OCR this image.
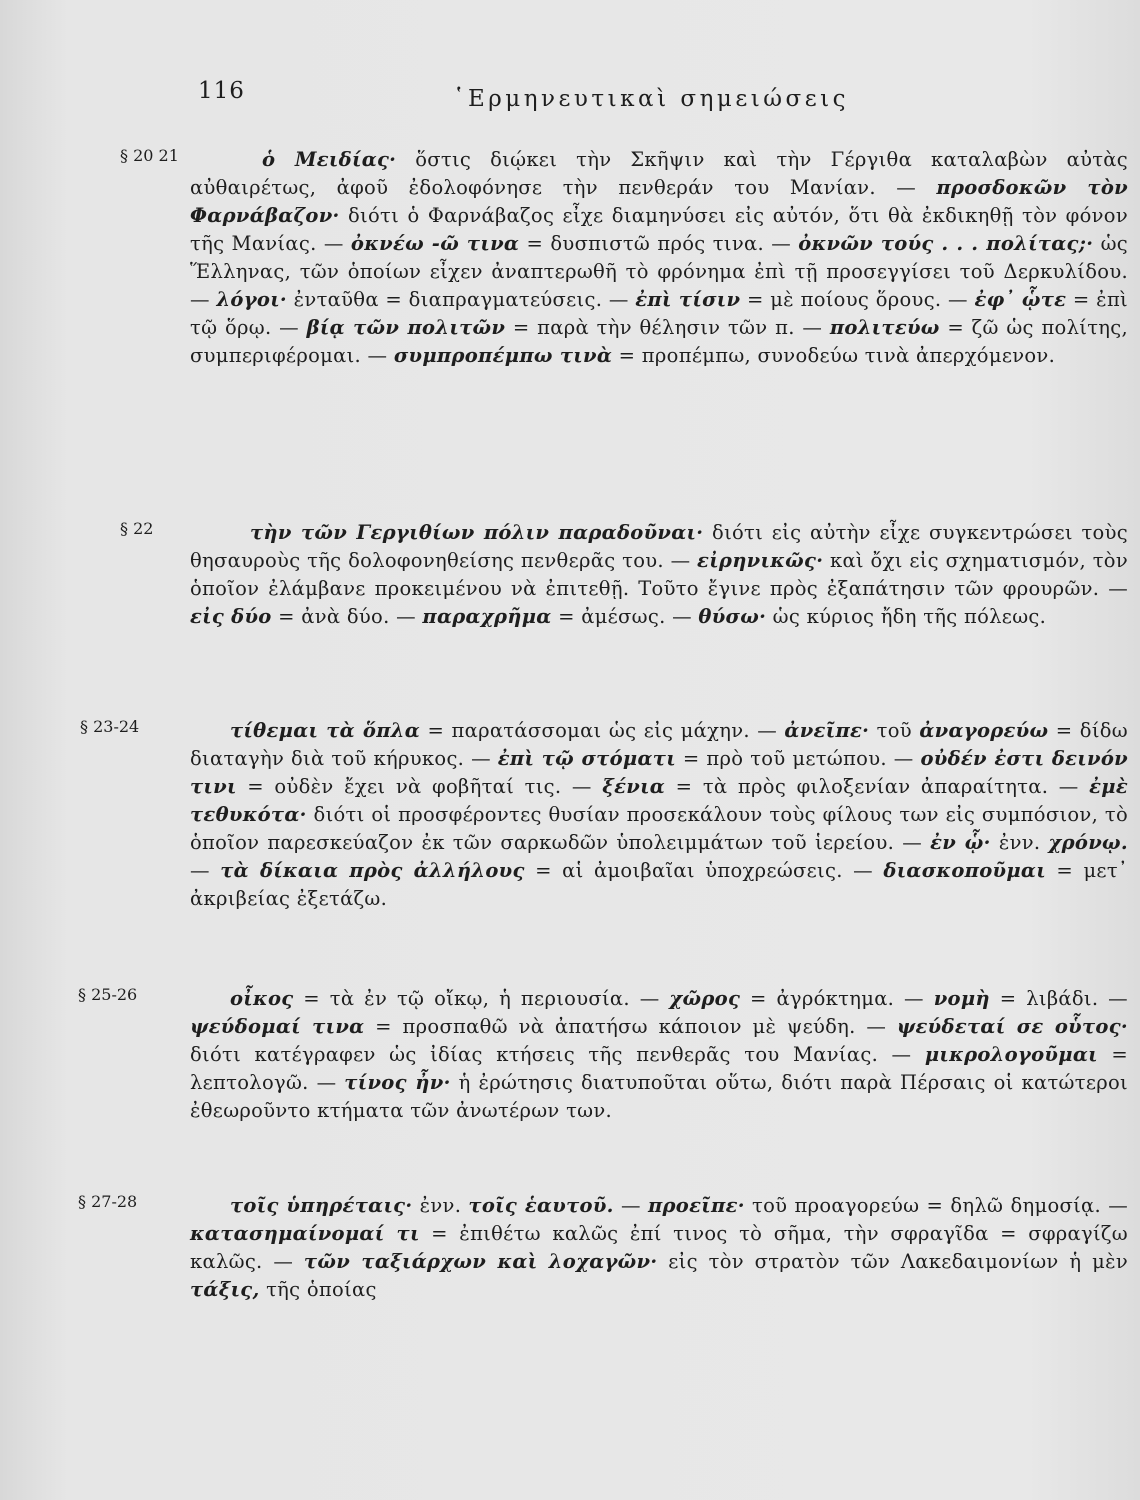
116	῾Ερμηνευτικαὶ σημειώσεις
§ 20 21	ὁ Μειδίας· ὅστις διῴκει τὴν Σκῆψιν καὶ τὴν Γέργιθα καταλαβὼν αὐτὰς αὐθαιρέτως, ἀφοῦ ἐδολοφόνησε τὴν πενθεράν του Μανίαν. — προσδοκῶν τὸν Φαρνάβαζον· διότι ὁ Φαρνάβαζος εἶχε διαμηνύσει εἰς αὐτόν, ὅτι θὰ ἐκδικηθῇ τὸν φόνον τῆς Μανίας. — ὀκνέω -ῶ τινα = δυσπιστῶ πρός τινα. — ὀκνῶν τούς . . . πολίτας;· ὡς Ἕλληνας, τῶν ὁποίων εἶχεν ἀναπτερωθῆ τὸ φρόνημα ἐπὶ τῇ προσεγγίσει τοῦ Δερκυλίδου. — λόγοι· ἐνταῦθα = διαπραγματεύσεις. — ἐπὶ τίσιν = μὲ ποίους ὅρους. — ἐφ᾿ ᾧτε = ἐπὶ τῷ ὅρῳ. — βίᾳ τῶν πολιτῶν = παρὰ τὴν θέλησιν τῶν π. — πολιτεύω = ζῶ ὡς πολίτης, συμπεριφέρομαι. — συμπροπέμπω τινὰ = προπέμπω, συνοδεύω τινὰ ἀπερχόμενον.
§ 22	τὴν τῶν Γεργιθίων πόλιν παραδοῦναι· διότι εἰς αὐτὴν εἶχε συγκεντρώσει τοὺς θησαυροὺς τῆς δολοφονηθείσης πενθερᾶς του. — εἰρηνικῶς· καὶ ὄχι εἰς σχηματισμόν, τὸν ὁποῖον ἐλάμβανε προκειμένου νὰ ἐπιτεθῇ. Τοῦτο ἔγινε πρὸς ἐξαπάτησιν τῶν φρουρῶν. — εἰς δύο = ἀνὰ δύο. — παραχρῆμα = ἀμέσως. — θύσω· ὡς κύριος ἤδη τῆς πόλεως.
§ 23-24	τίθεμαι τὰ ὅπλα = παρατάσσομαι ὡς εἰς μάχην. — ἀνεῖπε· τοῦ ἀναγορεύω = δίδω διαταγὴν διὰ τοῦ κήρυκος. — ἐπὶ τῷ στόματι = πρὸ τοῦ μετώπου. — οὐδέν ἐστι δεινόν τινι = οὐδὲν ἔχει νὰ φοβῆταί τις. — ξένια = τὰ πρὸς φιλοξενίαν ἀπαραίτητα. — ἐμὲ τεθυκότα· διότι οἱ προσφέροντες θυσίαν προσεκάλουν τοὺς φίλους των εἰς συμπόσιον, τὸ ὁποῖον παρεσκεύαζον ἐκ τῶν σαρκωδῶν ὑπολειμμάτων τοῦ ἱερείου. — ἐν ᾧ· ἐνν. χρόνῳ. — τὰ δίκαια πρὸς ἀλλήλους = αἱ ἀμοιβαῖαι ὑποχρεώσεις. — διασκοποῦμαι = μετ᾿ ἀκριβείας ἐξετάζω.
§ 25-26	οἶκος = τὰ ἐν τῷ οἴκῳ, ἡ περιουσία. — χῶρος = ἀγρόκτημα. — νομὴ = λιβάδι. — ψεύδομαί τινα = προσπαθῶ νὰ ἀπατήσω κάποιον μὲ ψεύδη. — ψεύδεταί σε οὗτος· διότι κατέγραφεν ὡς ἰδίας κτήσεις τῆς πενθερᾶς του Μανίας. — μικρολογοῦμαι = λεπτολογῶ. — τίνος ἦν· ἡ ἐρώτησις διατυποῦται οὕτω, διότι παρὰ Πέρσαις οἱ κατώτεροι ἐθεωροῦντο κτήματα τῶν ἀνωτέρων των.
§ 27-28	τοῖς ὑπηρέταις· ἐνν. τοῖς ἑαυτοῦ. — προεῖπε· τοῦ προαγορεύω = δηλῶ δημοσίᾳ. — κατασημαίνομαί τι = ἐπιθέτω καλῶς ἐπί τινος τὸ σῆμα, τὴν σφραγῖδα = σφραγίζω καλῶς. — τῶν ταξιάρχων καὶ λοχαγῶν· εἰς τὸν στρατὸν τῶν Λακεδαιμονίων ἡ μὲν τάξις, τῆς ὁποίας
